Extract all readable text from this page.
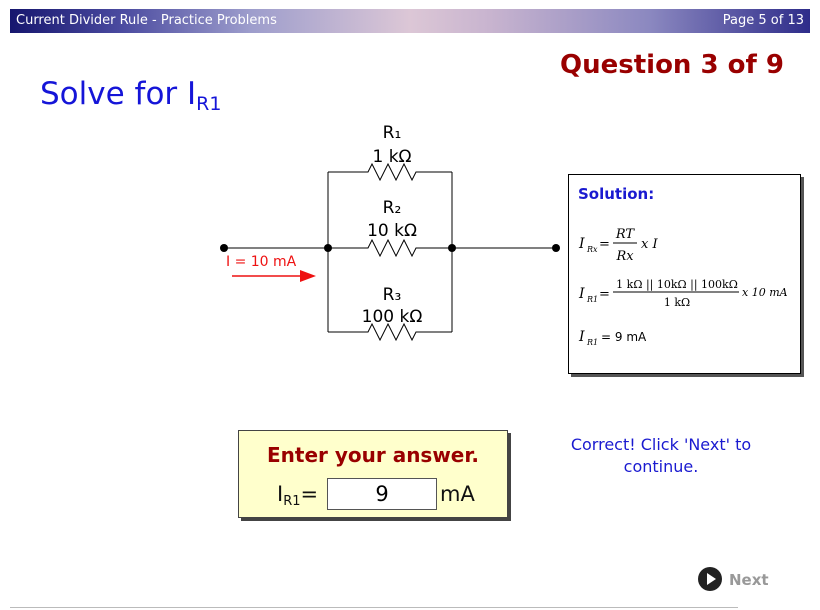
Current Divider Rule - Practice Problems	Page 5 of 13
Question 3 of 9
Solve for IR1
R₁
1 kΩ
R₂
10 kΩ
R₃
100 kΩ
I = 10 mA
Solution:
I Rx =
RT
Rx
x I
I R1 =
1 kΩ || 10kΩ || 100kΩ
1 kΩ
x 10 mA
I R1 = 9 mA
Enter your answer.
IR1=	9	mA
Correct! Click 'Next' to continue.
Next
